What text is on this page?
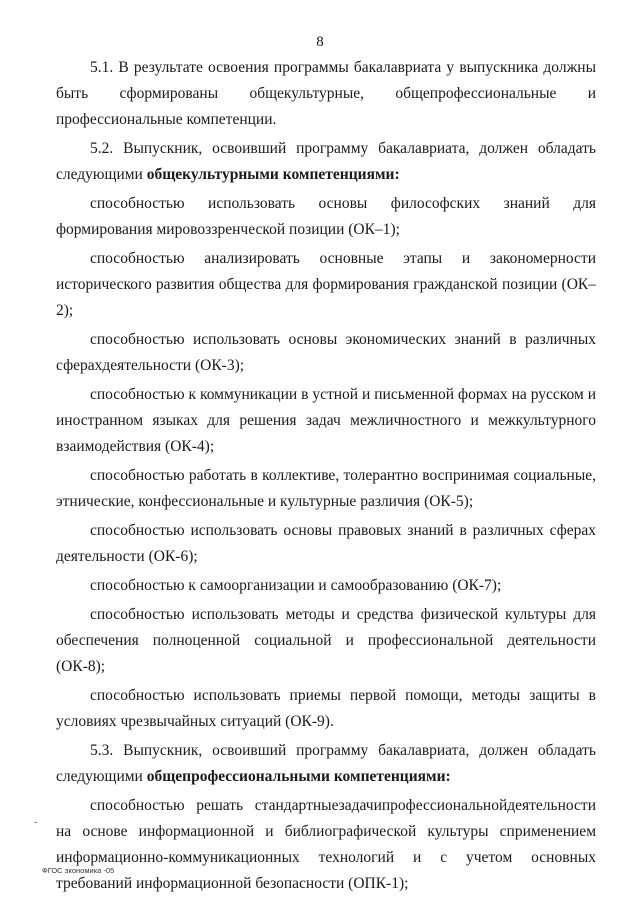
8

5.1. В результате освоения программы бакалавриата у выпускника должны быть сформированы общекультурные, общепрофессиональные и профессиональные компетенции.

5.2. Выпускник, освоивший программу бакалавриата, должен обладать следующими общекультурными компетенциями:

способностью использовать основы философских знаний для формирования мировоззренческой позиции (ОК–1);

способностью анализировать основные этапы и закономерности исторического развития общества для формирования гражданской позиции (ОК–2);

способностью использовать основы экономических знаний в различных сферахдеятельности (ОК-3);

способностью к коммуникации в устной и письменной формах на русском и иностранном языках для решения задач межличностного и межкультурного взаимодействия (ОК-4);

способностью работать в коллективе, толерантно воспринимая социальные, этнические, конфессиональные и культурные различия (ОК-5);

способностью использовать основы правовых знаний в различных сферах деятельности (ОК-6);

способностью к самоорганизации и самообразованию (ОК-7);

способностью использовать методы и средства физической культуры для обеспечения полноценной социальной и профессиональной деятельности (ОК-8);

способностью использовать приемы первой помощи, методы защиты в условиях чрезвычайных ситуаций (ОК-9).

5.3. Выпускник, освоивший программу бакалавриата, должен обладать следующими общепрофессиональными компетенциями:

способностью решать стандартныезадачипрофессиональнойдеятельности на основе информационной и библиографической культуры сприменением информационно-коммуникационных технологий и с учетом основных требований информационной безопасности (ОПК-1);

ФГОС экономика -05
